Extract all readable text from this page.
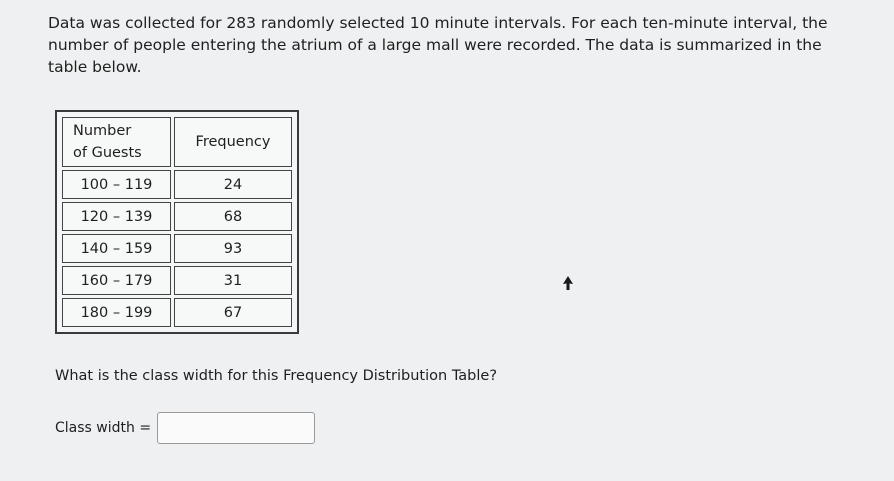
Data was collected for 283 randomly selected 10 minute intervals. For each ten-minute interval, the
number of people entering the atrium of a large mall were recorded. The data is summarized in the
table below.
Number
of Guests	Frequency
100 – 119	24
120 – 139	68
140 – 159	93
160 – 179	31
180 – 199	67

What is the class width for this Frequency Distribution Table?

Class width =
